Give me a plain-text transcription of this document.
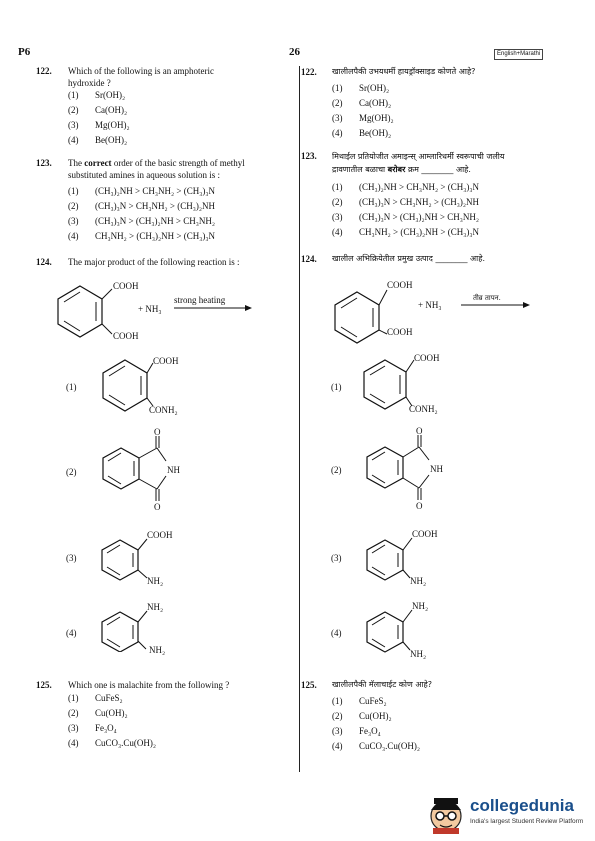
P6	26	English+Marathi
122. Which of the following is an amphoteric
hydroxide ?
(1)	Sr(OH)₂
(2)	Ca(OH)₂
(3)	Mg(OH)₂
(4)	Be(OH)₂
123. The correct order of the basic strength of methyl
substituted amines in aqueous solution is :
(1)	(CH₃)₂NH > CH₃NH₂ > (CH₃)₃N
(2)	(CH₃)₃N > CH₃NH₂ > (CH₃)₂NH
(3)	(CH₃)₃N > (CH₃)₂NH > CH₃NH₂
(4)	CH₃NH₂ > (CH₃)₂NH > (CH₃)₃N
124. The major product of the following reaction is :
COOH
COOH
+ NH₃
strong heating
(1)
(2)
(3)
(4)
COOH
CONH₂
O
O
NH
COOH
NH₂
NH₂
NH₂
125. Which one is malachite from the following ?
(1)	CuFeS₂
(2)	Cu(OH)₂
(3)	Fe₃O₄
(4)	CuCO₃.Cu(OH)₂
122. खालीलपैकी उभयधर्मी हायड्रॉक्साइड कोणते आहे?
(1)	Sr(OH)₂
(2)	Ca(OH)₂
(3)	Mg(OH)₂
(4)	Be(OH)₂
123. मिथाईल प्रतियोजीत अमाइन्स् आम्लारिधर्मी स्वरूपाची जलीय
द्रावणातील बळाचा बरोबर क्रम ________ आहे.
(1)	(CH₃)₂NH > CH₃NH₂ > (CH₃)₃N
(2)	(CH₃)₃N > CH₃NH₂ > (CH₃)₂NH
(3)	(CH₃)₃N > (CH₃)₂NH > CH₃NH₂
(4)	CH₃NH₂ > (CH₃)₂NH > (CH₃)₃N
124. खालील अभिक्रियेतील प्रमुख उत्पाद ________ आहे.
COOH
COOH
+ NH₃
तीव्र तापन.
(1)
(2)
(3)
(4)
COOH
CONH₂
O
O
NH
COOH
NH₂
NH₂
NH₂
125. खालीलपैकी मॅलाचाईट कोण आहे?
(1)	CuFeS₂
(2)	Cu(OH)₂
(3)	Fe₃O₄
(4)	CuCO₃.Cu(OH)₂
collegedunia
India's largest Student Review Platform
